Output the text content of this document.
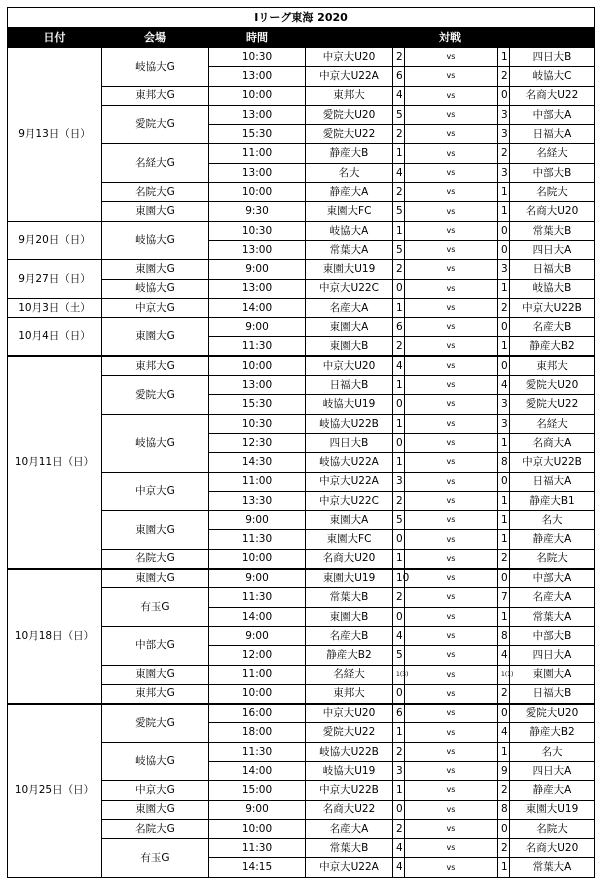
Iリーグ東海 2020							
日付	会場	時間	対戦				
9月13日（日）	岐協大G	10:30	中京大U20	2	vs	1	四日大B
		13:00	中京大U22A	6	vs	2	岐協大C
	東邦大G	10:00	東邦大	4	vs	0	名商大U22
	愛院大G	13:00	愛院大U20	5	vs	3	中部大A
		15:30	愛院大U22	2	vs	3	日福大A
	名経大G	11:00	静産大B	1	vs	2	名経大
		13:00	名大	4	vs	3	中部大B
	名院大G	10:00	静産大A	2	vs	1	名院大
	東園大G	9:30	東園大FC	5	vs	1	名商大U20
9月20日（日）	岐協大G	10:30	岐協大A	1	vs	0	常葉大B
		13:00	常葉大A	5	vs	0	四日大A
9月27日（日）	東園大G	9:00	東園大U19	2	vs	3	日福大B
	岐協大G	13:00	中京大U22C	0	vs	1	岐協大B
10月3日（土）	中京大G	14:00	名産大A	1	vs	2	中京大U22B
10月4日（日）	東園大G	9:00	東園大A	6	vs	0	名産大B
		11:30	東園大B	2	vs	1	静産大B2
10月11日（日）	東邦大G	10:00	中京大U20	4	vs	0	東邦大
	愛院大G	13:00	日福大B	1	vs	4	愛院大U20
		15:30	岐協大U19	0	vs	3	愛院大U22
	岐協大G	10:30	岐協大U22B	1	vs	3	名経大
		12:30	四日大B	0	vs	1	名商大A
		14:30	岐協大U22A	1	vs	8	中京大U22B
	中京大G	11:00	中京大U22A	3	vs	0	日福大A
		13:30	中京大U22C	2	vs	1	静産大B1
	東園大G	9:00	東園大A	5	vs	1	名大
		11:30	東園大FC	0	vs	1	静産大A
	名院大G	10:00	名商大U20	1	vs	2	名院大
10月18日（日）	東園大G	9:00	東園大U19	10	vs	0	中部大A
	有玉G	11:30	常葉大B	2	vs	7	名産大A
		14:00	東園大B	0	vs	1	常葉大A
	中部大G	9:00	名産大B	4	vs	8	中部大B
		12:00	静産大B2	5	vs	4	四日大A
	東園大G	11:00	名経大	1(3)	vs	1(1)	東園大A
	東邦大G	10:00	東邦大	0	vs	2	日福大B
10月25日（日）	愛院大G	16:00	中京大U20	6	vs	0	愛院大U20
		18:00	愛院大U22	1	vs	4	静産大B2
	岐協大G	11:30	岐協大U22B	2	vs	1	名大
		14:00	岐協大U19	3	vs	9	四日大A
	中京大G	15:00	中京大U22B	1	vs	2	静産大A
	東園大G	9:00	名商大U22	0	vs	8	東園大U19
	名院大G	10:00	名産大A	2	vs	0	名院大
	有玉G	11:30	常葉大B	4	vs	2	名商大U20
		14:15	中京大U22A	4	vs	1	常葉大A
